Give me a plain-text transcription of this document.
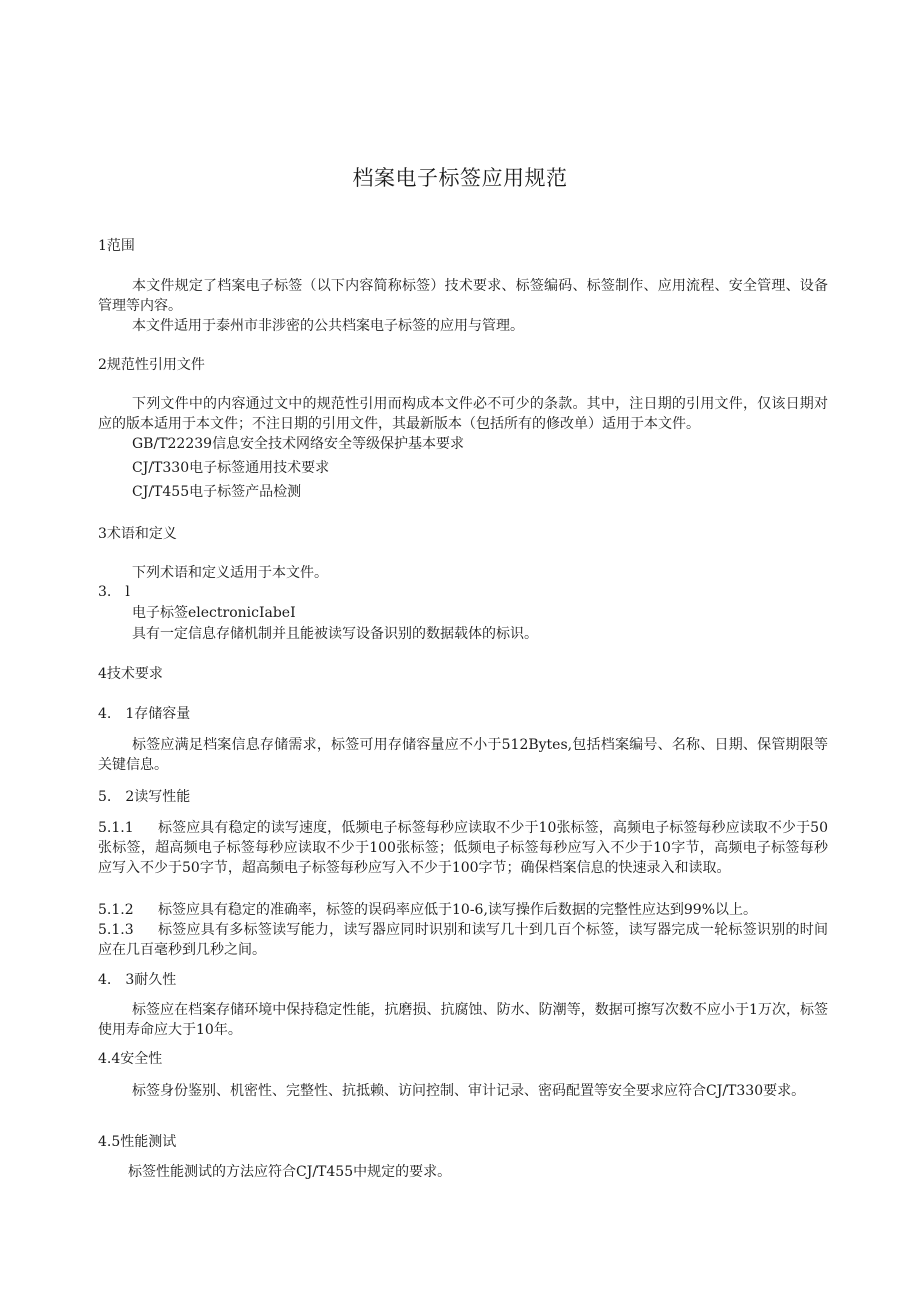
档案电子标签应用规范
1范围
本文件规定了档案电子标签（以下内容简称标签）技术要求、标签编码、标签制作、应用流程、安全管理、设备管理等内容。
本文件适用于泰州市非涉密的公共档案电子标签的应用与管理。
2规范性引用文件
下列文件中的内容通过文中的规范性引用而构成本文件必不可少的条款。其中，注日期的引用文件，仅该日期对应的版本适用于本文件；不注日期的引用文件，其最新版本（包括所有的修改单）适用于本文件。
GB/T22239信息安全技术网络安全等级保护基本要求
CJ/T330电子标签通用技术要求
CJ/T455电子标签产品检测
3术语和定义
下列术语和定义适用于本文件。
3.　l
电子标签electronicIabeI
具有一定信息存储机制并且能被读写设备识别的数据载体的标识。
4技术要求
4.　1存储容量
标签应满足档案信息存储需求，标签可用存储容量应不小于512Bytes,包括档案编号、名称、日期、保管期限等关键信息。
5.　2读写性能
5.1.1	标签应具有稳定的读写速度，低频电子标签每秒应读取不少于10张标签，高频电子标签每秒应读取不少于50张标签，超高频电子标签每秒应读取不少于100张标签；低频电子标签每秒应写入不少于10字节，高频电子标签每秒应写入不少于50字节，超高频电子标签每秒应写入不少于100字节；确保档案信息的快速录入和读取。
5.1.2	标签应具有稳定的准确率，标签的误码率应低于10-6,读写操作后数据的完整性应达到99%以上。
5.1.3	标签应具有多标签读写能力，读写器应同时识别和读写几十到几百个标签，读写器完成一轮标签识别的时间应在几百毫秒到几秒之间。
4.　3耐久性
标签应在档案存储环境中保持稳定性能，抗磨损、抗腐蚀、防水、防潮等，数据可擦写次数不应小于1万次，标签使用寿命应大于10年。
4.4安全性
标签身份鉴别、机密性、完整性、抗抵赖、访问控制、审计记录、密码配置等安全要求应符合CJ/T330要求。
4.5性能测试
标签性能测试的方法应符合CJ/T455中规定的要求。
